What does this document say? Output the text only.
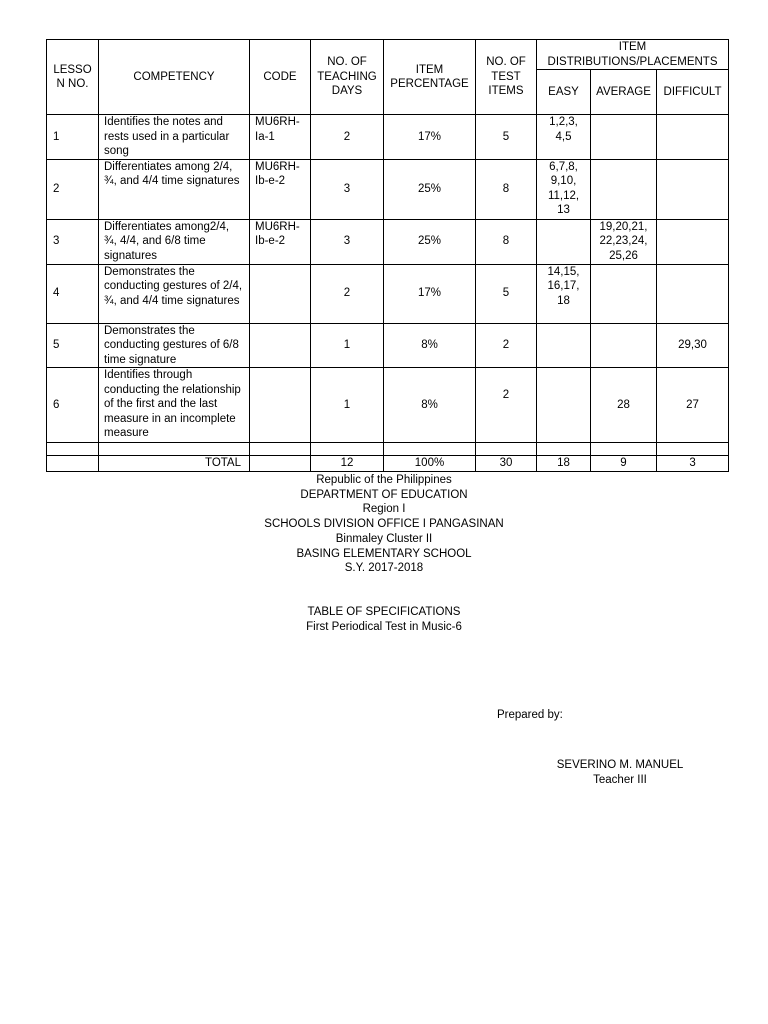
LESSO N NO.	COMPETENCY	CODE	NO. OF TEACHING DAYS	ITEM PERCENTAGE	NO. OF TEST ITEMS	ITEM DISTRIBUTIONS/PLACEMENTS		
						EASY	AVERAGE	DIFFICULT
1	Identifies the notes and rests used in a particular song	MU6RH-Ia-1	2	17%	5	1,2,3, 4,5		
2	Differentiates among 2/4, ¾, and 4/4 time signatures	MU6RH-Ib-e-2	3	25%	8	6,7,8, 9,10, 11,12, 13		
3	Differentiates among2/4, ¾, 4/4, and 6/8 time signatures	MU6RH-Ib-e-2	3	25%	8		19,20,21, 22,23,24, 25,26	
4	Demonstrates the conducting gestures of 2/4, ¾, and 4/4 time signatures		2	17%	5	14,15, 16,17, 18		
5	Demonstrates the conducting gestures of 6/8 time signature		1	8%	2			29,30
6	Identifies through conducting the relationship of the first and the last measure in an incomplete measure		1	8%	2		28	27

	TOTAL		12	100%	30	18	9	3
Republic of the Philippines
DEPARTMENT OF EDUCATION
Region I
SCHOOLS DIVISION OFFICE I PANGASINAN
Binmaley Cluster II
BASING ELEMENTARY SCHOOL
S.Y. 2017-2018
TABLE OF SPECIFICATIONS
First Periodical Test in Music-6
Prepared by:
SEVERINO M. MANUEL
Teacher III
